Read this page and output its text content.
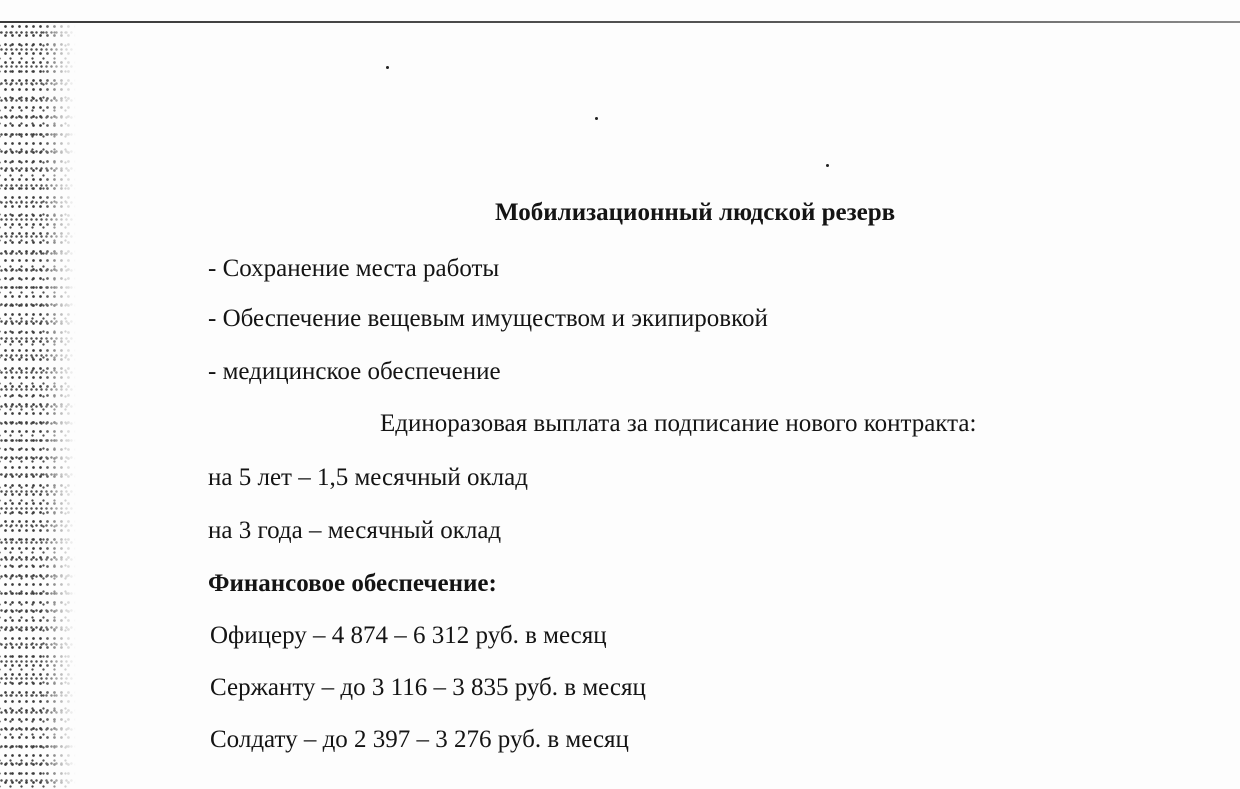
Мобилизационный людской резерв
- Сохранение места работы
- Обеспечение вещевым имуществом и экипировкой
- медицинское обеспечение
Единоразовая выплата за подписание нового контракта:
на 5 лет – 1,5 месячный оклад
на 3 года – месячный оклад
Финансовое обеспечение:
Офицеру – 4 874 – 6 312 руб. в месяц
Сержанту – до 3 116 – 3 835 руб. в месяц
Солдату – до 2 397 – 3 276 руб. в месяц
